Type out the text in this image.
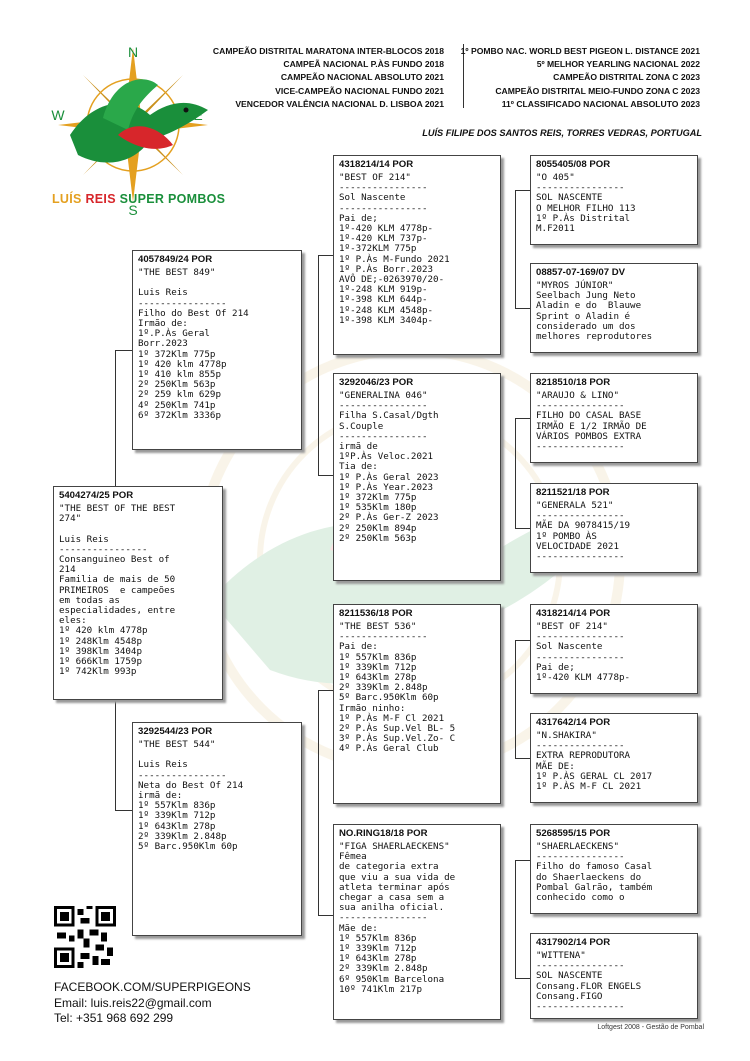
N
S
W	E
LUÍS REIS SUPER POMBOS
CAMPEÃO DISTRITAL MARATONA INTER-BLOCOS 2018
CAMPEÃ NACIONAL P.ÀS FUNDO 2018
CAMPEÃO NACIONAL ABSOLUTO 2021
VICE-CAMPEÃO NACIONAL FUNDO 2021
VENCEDOR VALÊNCIA NACIONAL D. LISBOA 2021
1º POMBO NAC. WORLD BEST PIGEON L. DISTANCE 2021
5º MELHOR YEARLING NACIONAL 2022
CAMPEÃO DISTRITAL ZONA C 2023
CAMPEÃO DISTRITAL MEIO-FUNDO ZONA C 2023
11º CLASSIFICADO NACIONAL ABSOLUTO 2023
LUÍS FILIPE DOS SANTOS REIS, TORRES VEDRAS, PORTUGAL
5404274/25 POR
"THE BEST OF THE BEST
274"

Luis Reis
----------------
Consanguineo Best of
214
Familia de mais de 50
PRIMEIROS  e campeões
em todas as
especialidades, entre
eles:
1º 420 klm 4778p
1º 248Klm 4548p
1º 398Klm 3404p
1º 666Klm 1759p
1º 742Klm 993p
4057849/24 POR
"THE BEST 849"

Luis Reis
----------------
Filho do Best Of 214
Irmão de:
1º.P.Às Geral
Borr.2023
1º 372Klm 775p
1º 420 klm 4778p
1º 410 klm 855p
2º 250Klm 563p
2º 259 klm 629p
4º 250Klm 741p
6º 372Klm 3336p
3292544/23 POR
"THE BEST 544"

Luis Reis
----------------
Neta do Best Of 214
irmã de:
1º 557Klm 836p
1º 339Klm 712p
1º 643Klm 278p
2º 339Klm 2.848p
5º Barc.950Klm 60p
4318214/14 POR
"BEST OF 214"
----------------
Sol Nascente
----------------
Pai de;
1º-420 KLM 4778p-
1º-420 KLM 737p-
1º-372KLM 775p
1º P.Às M-Fundo 2021
1º P.Às Borr.2023
AVÔ DE;-0263970/20-
1º-248 KLM 919p-
1º-398 KLM 644p-
1º-248 KLM 4548p-
1º-398 KLM 3404p-
3292046/23 POR
"GENERALINA 046"
----------------
Filha S.Casal/Dgth
S.Couple
----------------
irmã de
1ºP.Às Veloc.2021
Tia de:
1º P.Às Geral 2023
1º P.Às Year.2023
1º 372Klm 775p
1º 535Klm 180p
2º P.Às Ger-Z 2023
2º 250Klm 894p
2º 250Klm 563p
8211536/18 POR
"THE BEST 536"
----------------
Pai de:
1º 557Klm 836p
1º 339Klm 712p
1º 643Klm 278p
2º 339Klm 2.848p
5º Barc.950Klm 60p
Irmão ninho:
1º P.Às M-F Cl 2021
2º P.Às Sup.Vel BL- 5
3º P.Às Sup.Vel.Zo- C
4º P.Às Geral Club
NO.RING18/18 POR
"FIGA SHAERLAECKENS"
Fêmea
de categoria extra
que viu a sua vida de
atleta terminar após
chegar a casa sem a
sua anilha oficial.
----------------
Mãe de:
1º 557Klm 836p
1º 339Klm 712p
1º 643Klm 278p
2º 339Klm 2.848p
6º 950Klm Barcelona
10º 741Klm 217p
8055405/08 POR
"O 405"
----------------
SOL NASCENTE
O MELHOR FILHO 113
1º P.Às Distrital
M.F2011
08857-07-169/07 DV
"MYROS JÚNIOR"
Seelbach Jung Neto
Aladin e do  Blauwe
Sprint o Aladin é
considerado um dos
melhores reprodutores
8218510/18 POR
"ARAUJO & LINO"
----------------
FILHO DO CASAL BASE
IRMÃO E 1/2 IRMÃO DE
VÁRIOS POMBOS EXTRA
----------------
8211521/18 POR
"GENERALA 521"
----------------
MÃE DA 9078415/19
1º POMBO ÀS
VELOCIDADE 2021
----------------
4318214/14 POR
"BEST OF 214"
----------------
Sol Nascente
----------------
Pai de;
1º-420 KLM 4778p-
4317642/14 POR
"N.SHAKIRA"
----------------
EXTRA REPRODUTORA
MÃE DE:
1º P.ÀS GERAL CL 2017
1º P.ÀS M-F CL 2021
5268595/15 POR
"SHAERLAECKENS"
----------------
Filho do famoso Casal
do Shaerlaeckens do
Pombal Galrão, também
conhecido como o
4317902/14 POR
"WITTENA"
----------------
SOL NASCENTE
Consang.FLOR ENGELS
Consang.FIGO
----------------
FACEBOOK.COM/SUPERPIGEONS
Email: luis.reis22@gmail.com
Tel: +351 968 692 299
Loftgest 2008 - Gestão de Pombal
